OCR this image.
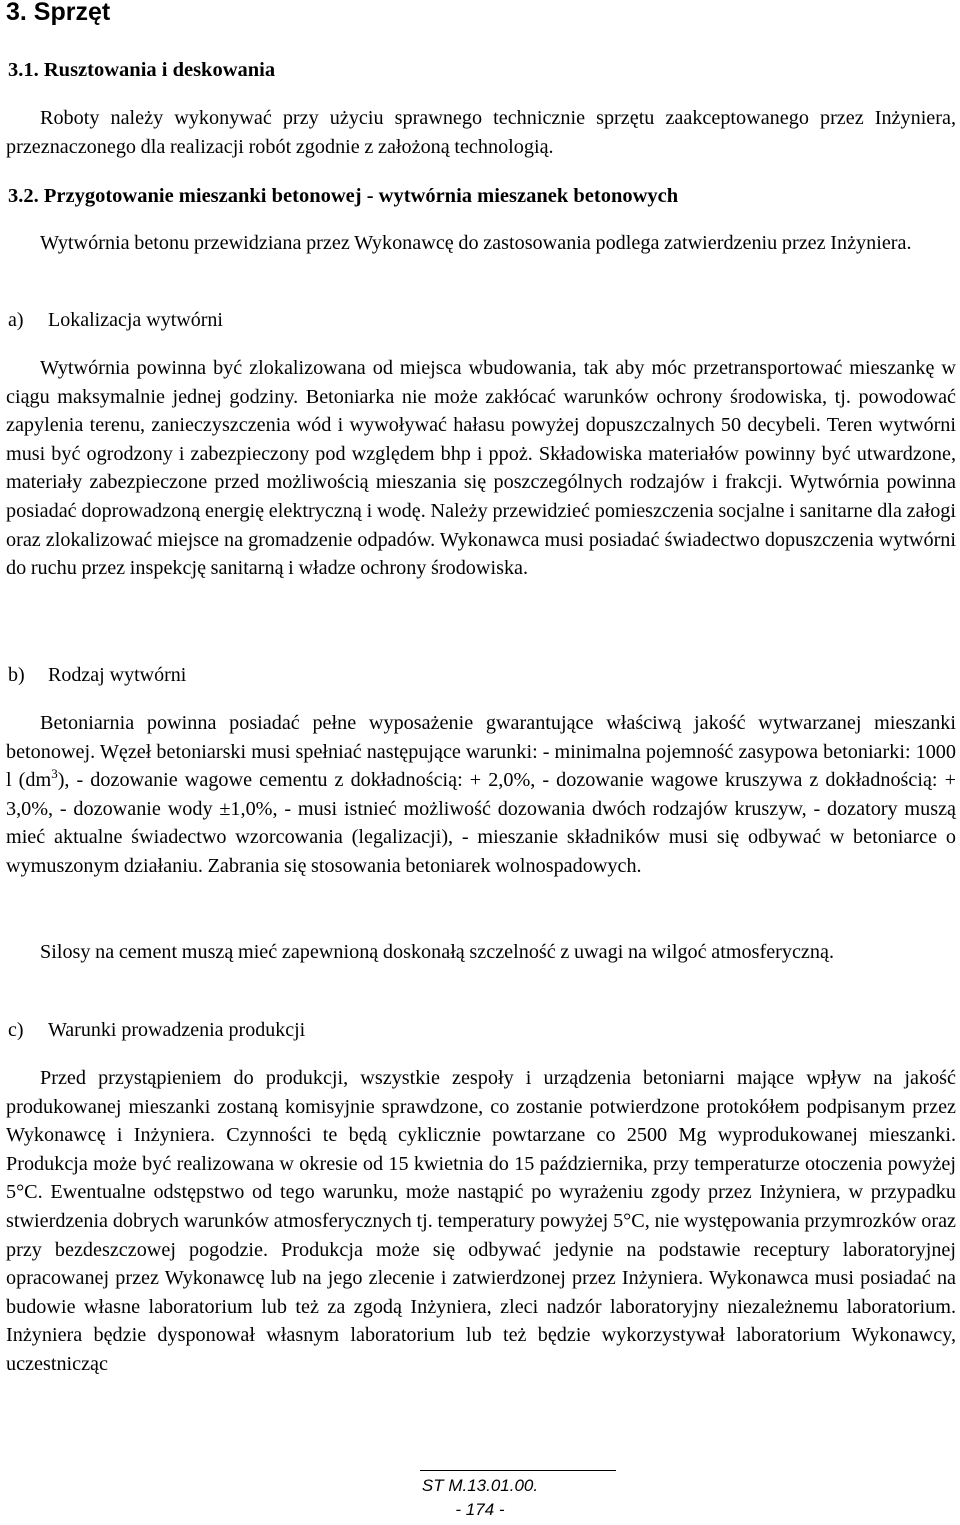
3. Sprzęt
3.1. Rusztowania i deskowania

Roboty należy wykonywać przy użyciu sprawnego technicznie sprzętu zaakceptowanego przez Inżyniera, przeznaczonego dla realizacji robót zgodnie z założoną technologią.

3.2. Przygotowanie mieszanki betonowej - wytwórnia mieszanek betonowych

Wytwórnia betonu przewidziana przez Wykonawcę do zastosowania podlega zatwierdzeniu przez Inżyniera.

a) Lokalizacja wytwórni

Wytwórnia powinna być zlokalizowana od miejsca wbudowania, tak aby móc przetransportować mieszankę w ciągu maksymalnie jednej godziny. Betoniarka nie może zakłócać warunków ochrony środowiska, tj. powodować zapylenia terenu, zanieczyszczenia wód i wywoływać hałasu powyżej dopuszczalnych 50 decybeli. Teren wytwórni musi być ogrodzony i zabezpieczony pod względem bhp i ppoż. Składowiska materiałów powinny być utwardzone, materiały zabezpieczone przed możliwością mieszania się poszczególnych rodzajów i frakcji. Wytwórnia powinna posiadać doprowadzoną energię elektryczną i wodę. Należy przewidzieć pomieszczenia socjalne i sanitarne dla załogi oraz zlokalizować miejsce na gromadzenie odpadów. Wykonawca musi posiadać świadectwo dopuszczenia wytwórni do ruchu przez inspekcję sanitarną i władze ochrony środowiska.

b) Rodzaj wytwórni

Betoniarnia powinna posiadać pełne wyposażenie gwarantujące właściwą jakość wytwarzanej mieszanki betonowej. Węzeł betoniarski musi spełniać następujące warunki: - minimalna pojemność zasypowa betoniarki: 1000 l $(dm^3)$, - dozowanie wagowe cementu z dokładnością: + 2,0%, - dozowanie wagowe kruszywa z dokładnością: + 3,0%, - dozowanie wody ±1,0%, - musi istnieć możliwość dozowania dwóch rodzajów kruszyw, - dozatory muszą mieć aktualne świadectwo wzorcowania (legalizacji), - mieszanie składników musi się odbywać w betoniarce o wymuszonym działaniu. Zabrania się stosowania betoniarek wolnospadowych.

Silosy na cement muszą mieć zapewnioną doskonałą szczelność z uwagi na wilgoć atmosferyczną.

c) Warunki prowadzenia produkcji

Przed przystąpieniem do produkcji, wszystkie zespoły i urządzenia betoniarni mające wpływ na jakość produkowanej mieszanki zostaną komisyjnie sprawdzone, co zostanie potwierdzone protokółem podpisanym przez Wykonawcę i Inżyniera. Czynności te będą cyklicznie powtarzane co 2500 Mg wyprodukowanej mieszanki. Produkcja może być realizowana w okresie od 15 kwietnia do 15 października, przy temperaturze otoczenia powyżej 5°C. Ewentualne odstępstwo od tego warunku, może nastąpić po wyrażeniu zgody przez Inżyniera, w przypadku stwierdzenia dobrych warunków atmosferycznych tj. temperatury powyżej 5°C, nie występowania przymrozków oraz przy bezdeszczowej pogodzie. Produkcja może się odbywać jedynie na podstawie receptury laboratoryjnej opracowanej przez Wykonawcę lub na jego zlecenie i zatwierdzonej przez Inżyniera. Wykonawca musi posiadać na budowie własne laboratorium lub też za zgodą Inżyniera, zleci nadzór laboratoryjny niezależnemu laboratorium. Inżyniera będzie dysponował własnym laboratorium lub też będzie wykorzystywał laboratorium Wykonawcy, uczestnicząc

ST M.13.01.00.

- 174 -
